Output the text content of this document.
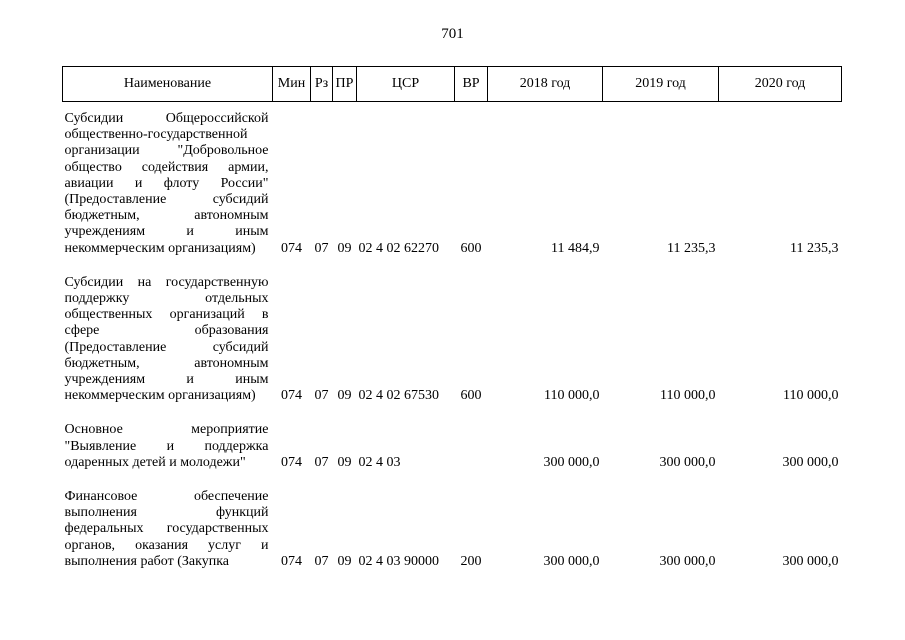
701
Наименование	Мин	Рз	ПР	ЦСР	ВР	2018 год	2019 год	2020 год
Субсидии Общероссийской общественно-государственной организации "Добровольное общество содействия армии, авиации и флоту России" (Предоставление субсидий бюджетным, автономным учреждениям и иным некоммерческим организациям)	074	07	09	02 4 02 62270	600	11 484,9	11 235,3	11 235,3

Субсидии на государственную поддержку отдельных общественных организаций в сфере образования (Предоставление субсидий бюджетным, автономным учреждениям и иным некоммерческим организациям)	074	07	09	02 4 02 67530	600	110 000,0	110 000,0	110 000,0

Основное мероприятие "Выявление и поддержка одаренных детей и молодежи"	074	07	09	02 4 03		300 000,0	300 000,0	300 000,0

Финансовое обеспечение выполнения функций федеральных государственных органов, оказания услуг и выполнения работ (Закупка	074	07	09	02 4 03 90000	200	300 000,0	300 000,0	300 000,0
